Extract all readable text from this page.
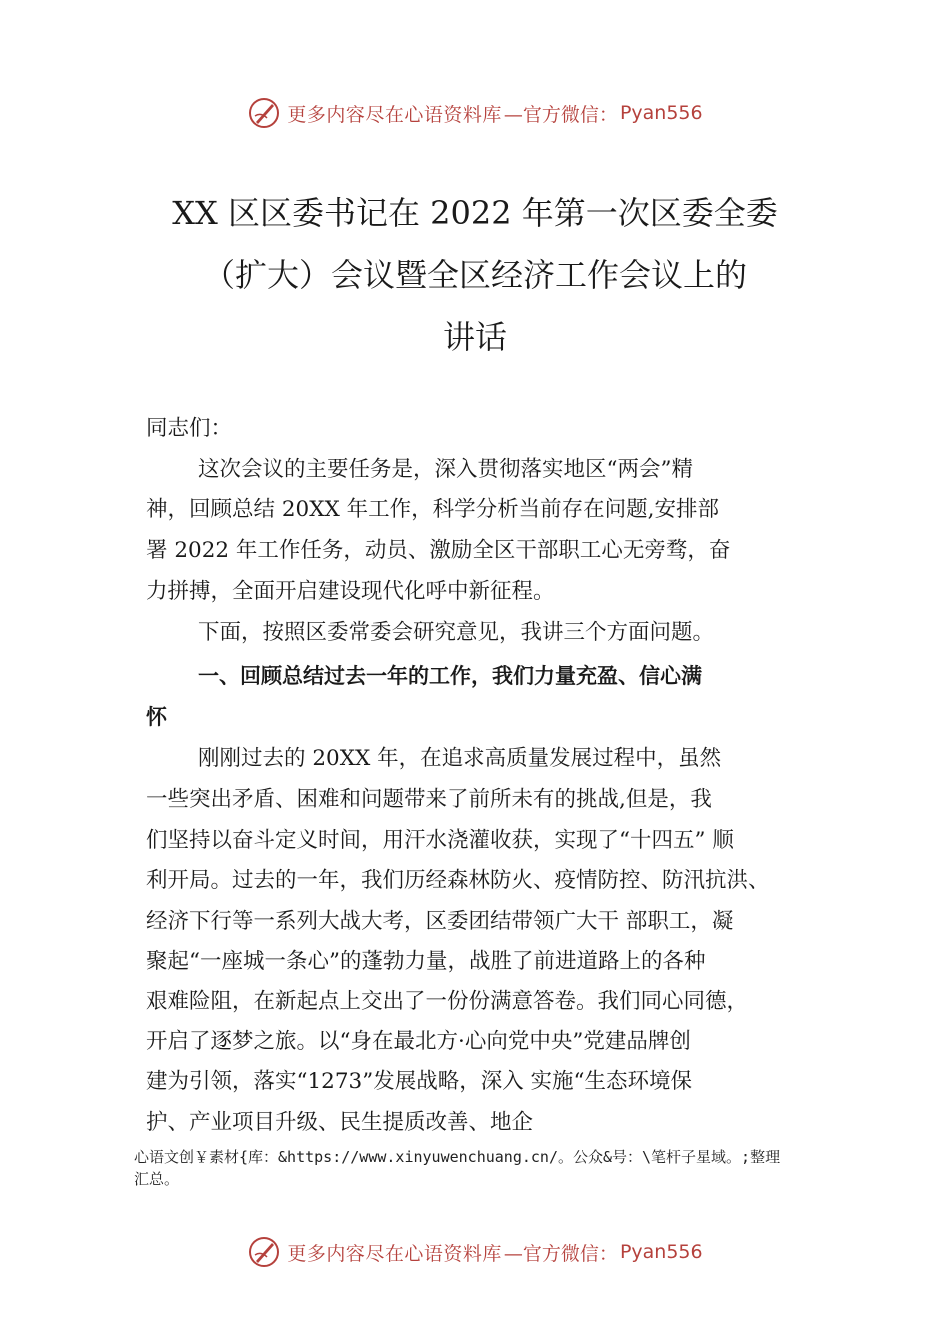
更多内容尽在心语资料库 —官方微信： Pyan556
XX 区区委书记在 2022 年第一次区委全委
（扩大）会议暨全区经济工作会议上的
讲话
同志们：
这次会议的主要任务是，深入贯彻落实地区“两会”精
神，回顾总结 20XX 年工作，科学分析当前存在问题,安排部
署 2022 年工作任务，动员、激励全区干部职工心无旁骛，奋
力拼搏，全面开启建设现代化呼中新征程。
下面，按照区委常委会研究意见，我讲三个方面问题。
一、回顾总结过去一年的工作，我们力量充盈、信心满
怀
刚刚过去的 20XX 年，在追求高质量发展过程中，虽然
一些突出矛盾、困难和问题带来了前所未有的挑战,但是，我
们坚持以奋斗定义时间，用汗水浇灌收获，实现了“十四五” 顺
利开局。过去的一年，我们历经森林防火、疫情防控、防汛抗洪、
经济下行等一系列大战大考，区委团结带领广大干 部职工，凝
聚起“一座城一条心”的蓬勃力量，战胜了前进道路上的各种
艰难险阻，在新起点上交出了一份份满意答卷。我们同心同德，
开启了逐梦之旅。以“身在最北方·心向党中央”党建品牌创
建为引领，落实“1273”发展战略，深入 实施“生态环境保
护、产业项目升级、民生提质改善、地企
心语文创￥素材{库：&https://www.xinyuwenchuang.cn/。公众&号：\笔杆子星域。;整理
汇总。
更多内容尽在心语资料库 —官方微信： Pyan556
